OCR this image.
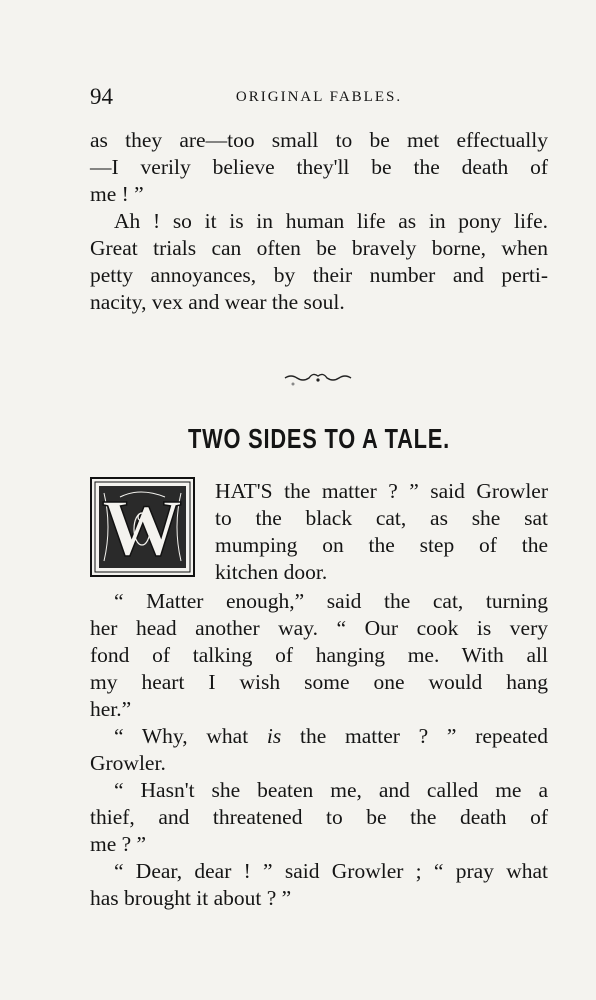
94	ORIGINAL FABLES.
as they are—too small to be met effectually
—I verily believe they'll be the death of
me ! ”
Ah ! so it is in human life as in pony life.
Great trials can often be bravely borne, when
petty annoyances, by their number and perti-
nacity, vex and wear the soul.
TWO SIDES TO A TALE.
W HAT'S the matter ? ” said Growler
to the black cat, as she sat
mumping on the step of the
kitchen door.
“ Matter enough,” said the cat, turning
her head another way. “ Our cook is very
fond of talking of hanging me. With all
my heart I wish some one would hang
her.”
“ Why, what is the matter ? ” repeated
Growler.
“ Hasn't she beaten me, and called me a
thief, and threatened to be the death of
me ? ”
“ Dear, dear ! ” said Growler ; “ pray what
has brought it about ? ”
